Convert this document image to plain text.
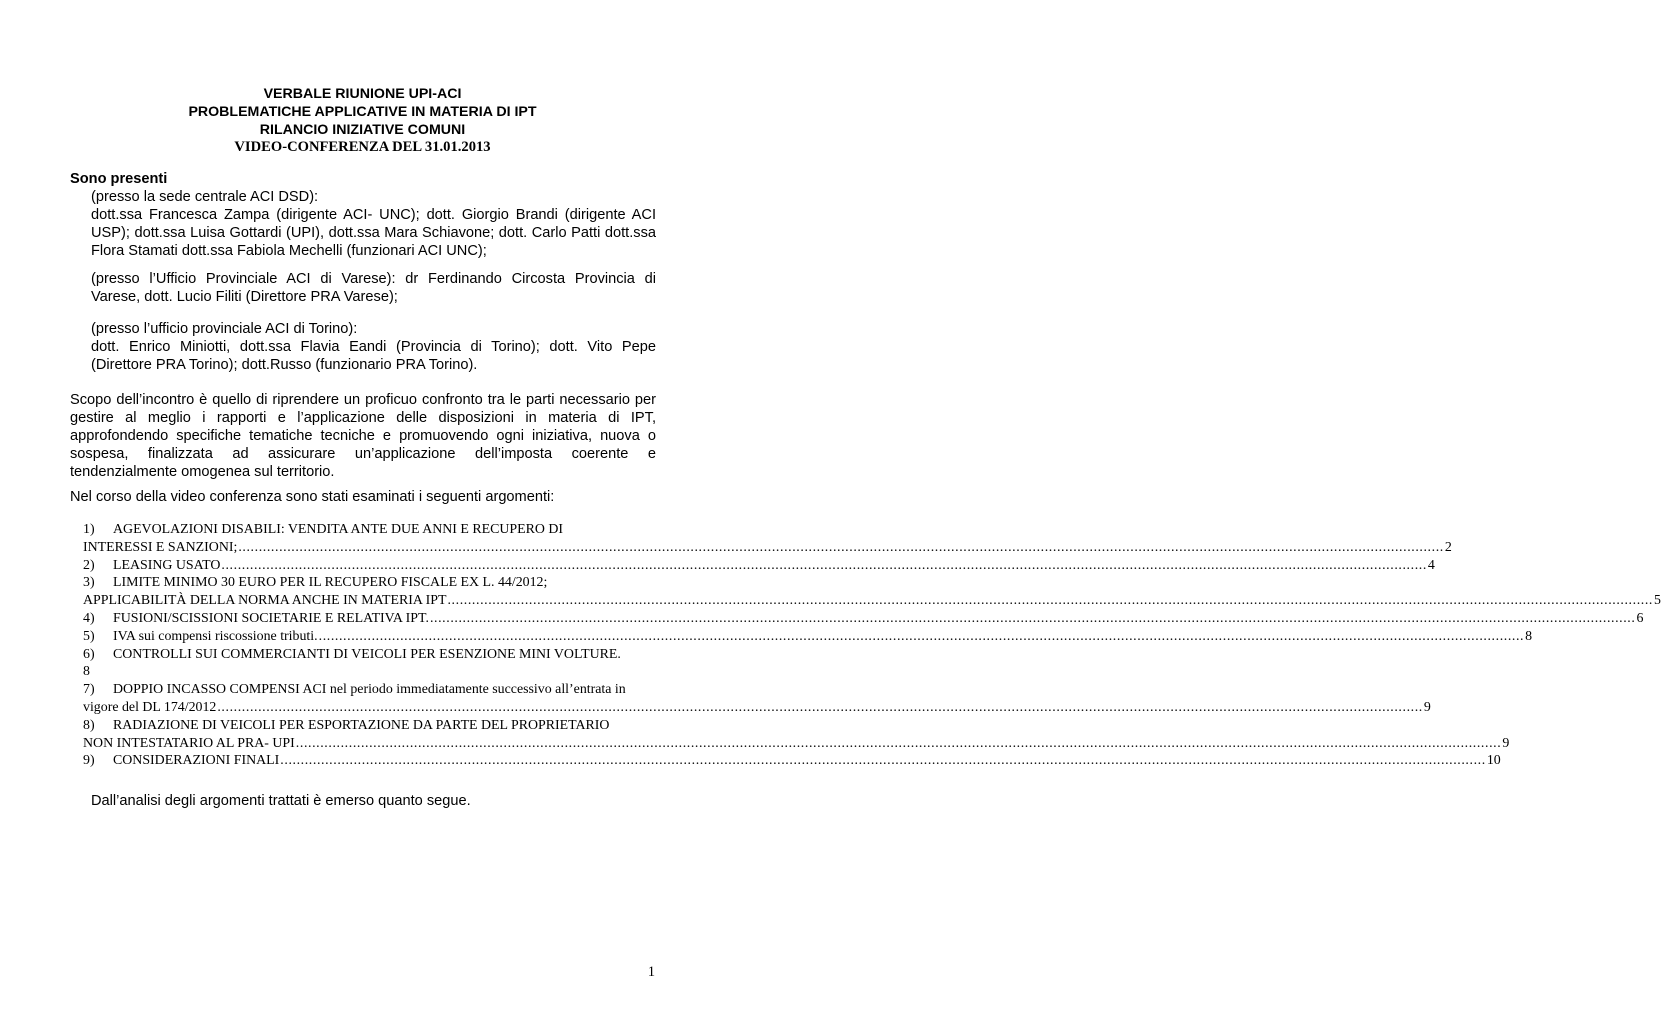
VERBALE RIUNIONE UPI-ACI
PROBLEMATICHE APPLICATIVE IN MATERIA DI IPT
RILANCIO INIZIATIVE COMUNI
VIDEO-CONFERENZA DEL 31.01.2013
Sono presenti
(presso la sede centrale ACI DSD):
dott.ssa Francesca Zampa (dirigente ACI- UNC); dott. Giorgio Brandi (dirigente ACI
USP); dott.ssa Luisa Gottardi (UPI), dott.ssa Mara Schiavone; dott. Carlo Patti dott.ssa
Flora Stamati dott.ssa Fabiola Mechelli (funzionari ACI UNC);
(presso l’Ufficio Provinciale ACI di Varese): dr Ferdinando Circosta Provincia di
Varese, dott. Lucio Filiti (Direttore PRA Varese);
(presso l’ufficio provinciale ACI di Torino):
dott. Enrico Miniotti, dott.ssa Flavia Eandi (Provincia di Torino); dott. Vito Pepe
(Direttore PRA Torino); dott.Russo (funzionario PRA Torino).
Scopo dell’incontro è quello di riprendere un proficuo confronto tra le parti necessario per
gestire al meglio i rapporti e l’applicazione delle disposizioni in materia di IPT,
approfondendo specifiche tematiche tecniche e promuovendo ogni iniziativa, nuova o
sospesa, finalizzata ad assicurare un’applicazione dell’imposta coerente e
tendenzialmente omogenea sul territorio.
Nel corso della video conferenza sono stati esaminati i seguenti argomenti:
1)	AGEVOLAZIONI DISABILI: VENDITA ANTE DUE ANNI E RECUPERO DI
INTERESSI E SANZIONI; .....	2
2)	LEASING USATO .....	4
3)	LIMITE MINIMO 30 EURO PER IL RECUPERO FISCALE EX L. 44/2012;
APPLICABILITÀ DELLA NORMA ANCHE IN MATERIA IPT .....	5
4)	FUSIONI/SCISSIONI SOCIETARIE E RELATIVA IPT. .....	6
5)	IVA sui compensi riscossione tributi. .....	8
6)	CONTROLLI SUI COMMERCIANTI DI VEICOLI PER ESENZIONE MINI VOLTURE.
8
7)	DOPPIO INCASSO COMPENSI ACI nel periodo immediatamente successivo all’entrata in
vigore del DL 174/2012 .....	9
8)	RADIAZIONE DI VEICOLI PER ESPORTAZIONE DA PARTE DEL PROPRIETARIO
NON INTESTATARIO AL PRA- UPI .....	9
9)	CONSIDERAZIONI FINALI .....	10
Dall’analisi degli argomenti trattati è emerso quanto segue.
1
